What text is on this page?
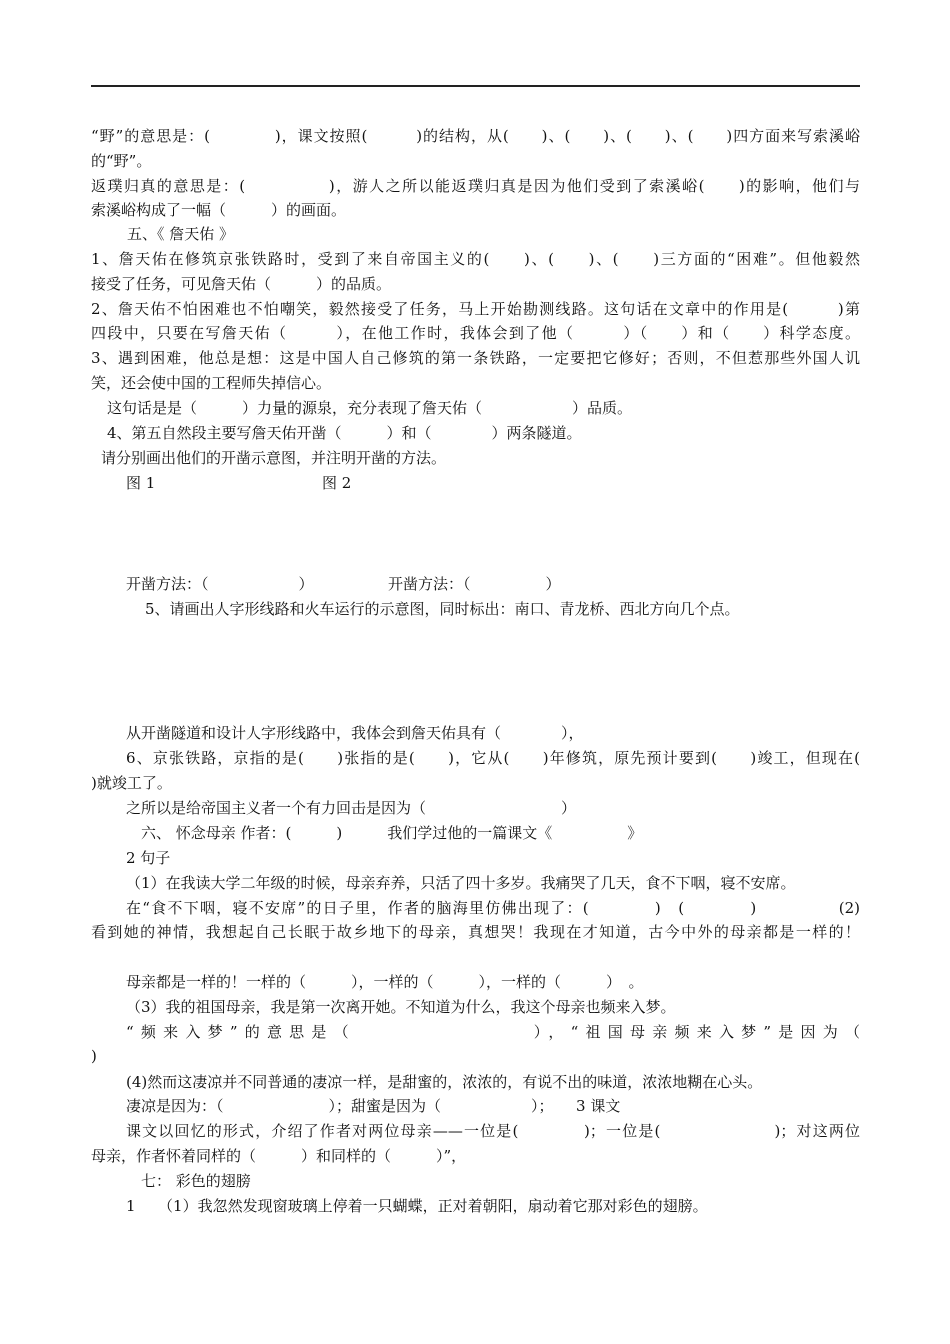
“野”的意思是：(　　　　)，课文按照(　　　)的结构，从(　　)、(　　)、(　　)、(　　)四方面来写索溪峪
的“野”。
返璞归真的意思是：(　　　　　)，游人之所以能返璞归真是因为他们受到了索溪峪(　　)的影响，他们与
索溪峪构成了一幅（　　　）的画面。
五、《 詹天佑 》
1、詹天佑在修筑京张铁路时，受到了来自帝国主义的(　　)、(　　)、(　　)三方面的“困难”。但他毅然
接受了任务，可见詹天佑（　　　）的品质。
2、詹天佑不怕困难也不怕嘲笑，毅然接受了任务，马上开始勘测线路。这句话在文章中的作用是(　　　)第
四段中，只要在写詹天佑（　　　），在他工作时，我体会到了他（　　　）（　　）和（　　）科学态度。
3、遇到困难，他总是想：这是中国人自己修筑的第一条铁路，一定要把它修好；否则，不但惹那些外国人讥
笑，还会使中国的工程师失掉信心。
这句话是是（　　　）力量的源泉，充分表现了詹天佑（　　　　　　）品质。
4、第五自然段主要写詹天佑开凿（　　　）和（　　　　）两条隧道。
请分别画出他们的开凿示意图，并注明开凿的方法。
图 1	图 2
开凿方法：（　　　　　　）	开凿方法：（　　　　　）
5、请画出人字形线路和火车运行的示意图，同时标出：南口、青龙桥、西北方向几个点。
从开凿隧道和设计人字形线路中，我体会到詹天佑具有（　　　　），
6、京张铁路，京指的是(　　)张指的是(　　)，它从(　　)年修筑，原先预计要到(　　)竣工，但现在(
)就竣工了。
之所以是给帝国主义者一个有力回击是因为（　　　　　　　　　）
六、 怀念母亲 作者：(　　　)　　　我们学过他的一篇课文《　　　　　》
2 句子
（1）在我读大学二年级的时候，母亲弃养，只活了四十多岁。我痛哭了几天，食不下咽，寝不安席。
在“食不下咽，寝不安席”的日子里，作者的脑海里仿佛出现了：(　　　　)　(　　　　)　　　　　(2)
看到她的神情，我想起自己长眠于故乡地下的母亲，真想哭！我现在才知道，古今中外的母亲都是一样的！
母亲都是一样的！一样的（　　　），一样的（　　　），一样的（　　　）　。
（3）我的祖国母亲，我是第一次离开她。不知道为什么，我这个母亲也频来入梦。
“频来入梦”的意思是（　　　　　　　　），“祖国母亲频来入梦”是因为（
)
(4)然而这凄凉并不同普通的凄凉一样，是甜蜜的，浓浓的，有说不出的味道，浓浓地糊在心头。
凄凉是因为：（　　　　　　　）；甜蜜是因为（　　　　　　）；　　3 课文
课文以回忆的形式，介绍了作者对两位母亲——一位是(　　　　)；一位是(　　　　　　　)；对这两位
母亲，作者怀着同样的（　　　）和同样的（　　　）”，
七： 彩色的翅膀
1　　（1）我忽然发现窗玻璃上停着一只蝴蝶，正对着朝阳，扇动着它那对彩色的翅膀。
